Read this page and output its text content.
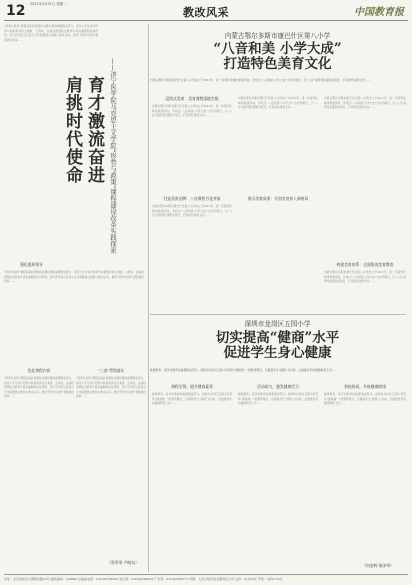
12 2021年5月31日 星期一
教改风采	中国教育报
“形势与政策”课程是高校思想政治理论课的重要组成部分，是对大学生进行形势与政策教育的主渠道、主阵地，在高校思想政治教育中具有重要地位和作用。济宁医学院马克思主义学院聚焦立德树人根本任务，推进“形势与政策”课程建设改革……
肩挑时代使命 育才激流奋进 ——济宁医学院马克思主义学院“形势与政策”课程建设改革实践探索
强化组织领导
“形势与政策”课程是高校思想政治理论课的重要组成部分，是对大学生进行形势与政策教育的主渠道、主阵地，在高校思想政治教育中具有重要地位和作用。济宁医学院马克思主义学院聚焦立德树人根本任务，推进“形势与政策”课程建设改革……
优化课程内容
“形势与政策”课程是高校思想政治理论课的重要组成部分，是对大学生进行形势与政策教育的主渠道、主阵地，在高校思想政治教育中具有重要地位和作用。济宁医学院马克思主义学院聚焦立德树人根本任务，推进“形势与政策”课程建设改革……
“三进”贯彻落实
“形势与政策”课程是高校思想政治理论课的重要组成部分，是对大学生进行形势与政策教育的主渠道、主阵地，在高校思想政治教育中具有重要地位和作用。济宁医学院马克思主义学院聚焦立德树人根本任务，推进“形势与政策”课程建设改革……
（窦翠翠 卢晓东）
内蒙古鄂尔多斯市康巴什区第八小学
“八音和美 小学大成”
打造特色美育文化
内蒙古鄂尔多斯市康巴什区第八小学成立于2017年，是一所现代化城市新建学校。学校以“八音和美 小学大成”为办学理念，以“八音”美育特色课程为依托，打造特色美育文化……
浸润式美育：美育课程落地生根
内蒙古鄂尔多斯市康巴什区第八小学成立于2017年，是一所现代化城市新建学校。学校以“八音和美 小学大成”为办学理念，以“八音”美育特色课程为依托，打造特色美育文化……
打造美育品牌：八音课程百花齐放
内蒙古鄂尔多斯市康巴什区第八小学成立于2017年，是一所现代化城市新建学校。学校以“八音和美 小学大成”为办学理念，以“八音”美育特色课程为依托，打造特色美育文化……
内蒙古鄂尔多斯市康巴什区第八小学成立于2017年，是一所现代化城市新建学校。学校以“八音和美 小学大成”为办学理念，以“八音”美育特色课程为依托，打造特色美育文化……
展示美育成果：开创美育育人新格局
内蒙古鄂尔多斯市康巴什区第八小学成立于2017年，是一所现代化城市新建学校。学校以“八音和美 小学大成”为办学理念，以“八音”美育特色课程为依托，打造特色美育文化……
构建美育体系：全面推进美育教育
内蒙古鄂尔多斯市康巴什区第八小学成立于2017年，是一所现代化城市新建学校。学校以“八音和美 小学大成”为办学理念，以“八音”美育特色课程为依托，打造特色美育文化……
深圳市龙岗区五园小学
切实提高“健商”水平
促进学生身心健康
健康教育，是学校教育的重要组成部分。深圳市龙岗区五园小学坚持“健康第一”的教育理念，以提高学生“健商”为目标，全面推进学校健康教育工作……
课程引领，提升健商素养
健康教育，是学校教育的重要组成部分。深圳市龙岗区五园小学坚持“健康第一”的教育理念，以提高学生“健商”为目标，全面推进学校健康教育工作……
活动助力，激发健康活力
健康教育，是学校教育的重要组成部分。深圳市龙岗区五园小学坚持“健康第一”的教育理念，以提高学生“健商”为目标，全面推进学校健康教育工作……
家校协同，共筑健康防线
健康教育，是学校教育的重要组成部分。深圳市龙岗区五园小学坚持“健康第一”的教育理念，以提高学生“健商”为目标，全面推进学校健康教育工作……
（何金辉 骆泽华）
社址：北京海淀区文慧园北路10号 邮政编码：100082 总编室电话：010-82296500 发行部：010-82296616 广告部：010-82296777 印刷：人民日报印务有限责任公司 定价：每月24元 零售：每份1.50元
